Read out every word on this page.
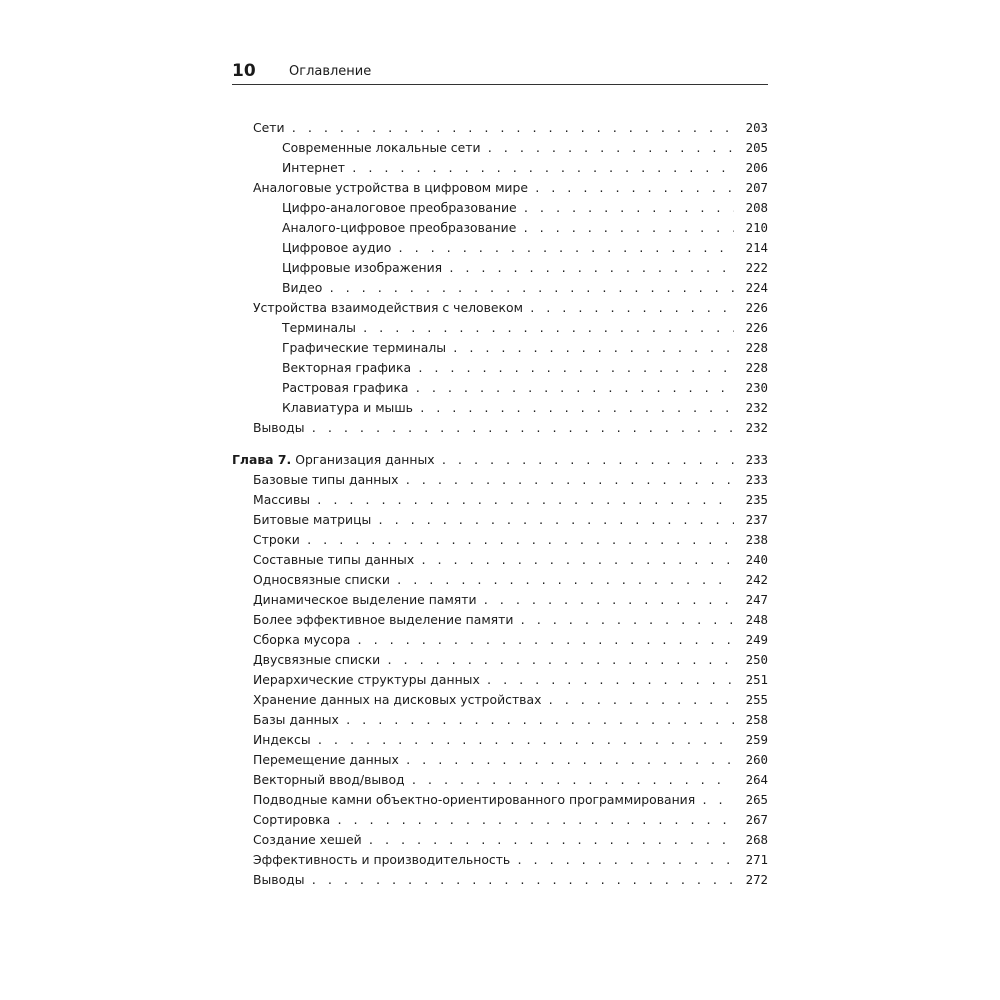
10	Оглавление
Сети . . .	203
Современные локальные сети . . .	205
Интернет . . .	206
Аналоговые устройства в цифровом мире . . .	207
Цифро-аналоговое преобразование . . .	208
Аналого-цифровое преобразование . . .	210
Цифровое аудио . . .	214
Цифровые изображения . . .	222
Видео . . .	224
Устройства взаимодействия с человеком . . .	226
Терминалы . . .	226
Графические терминалы . . .	228
Векторная графика . . .	228
Растровая графика . . .	230
Клавиатура и мышь . . .	232
Выводы . . .	232
Глава 7. Организация данных . . .	233
Базовые типы данных . . .	233
Массивы . . .	235
Битовые матрицы . . .	237
Строки . . .	238
Составные типы данных . . .	240
Односвязные списки . . .	242
Динамическое выделение памяти . . .	247
Более эффективное выделение памяти . . .	248
Сборка мусора . . .	249
Двусвязные списки . . .	250
Иерархические структуры данных . . .	251
Хранение данных на дисковых устройствах . . .	255
Базы данных . . .	258
Индексы . . .	259
Перемещение данных . . .	260
Векторный ввод/вывод . . .	264
Подводные камни объектно-ориентированного программирования . . .	265
Сортировка . . .	267
Создание хешей . . .	268
Эффективность и производительность . . .	271
Выводы . . .	272
